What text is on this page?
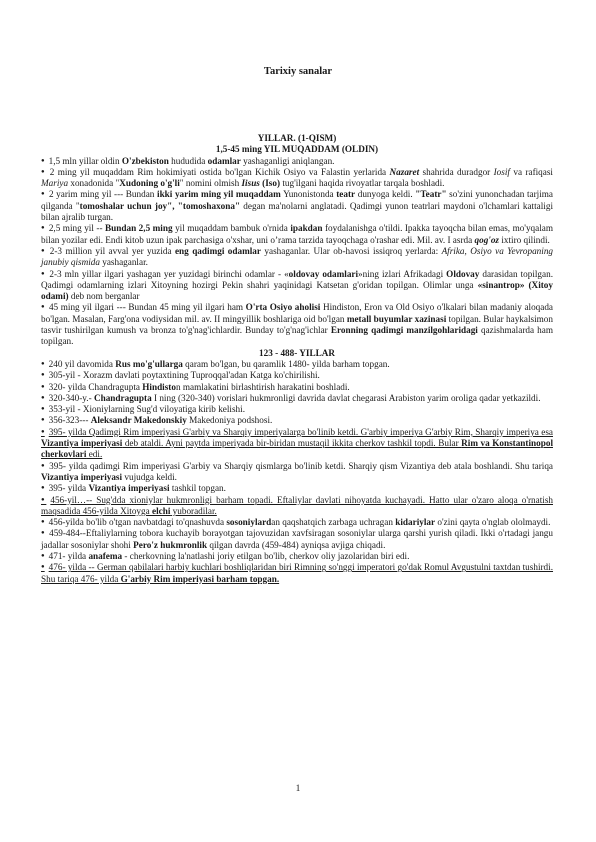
Tarixiy sanalar

YILLAR. (1-QISM)

1,5-45 ming YIL MUQADDAM (OLDIN)

● 1,5 mln yillar oldin O'zbekiston hududida odamlar yashaganligi aniqlangan.

● 2 ming yil muqaddam Rim hokimiyati ostida bo'lgan Kichik Osiyo va Falastin yerlarida Nazaret shahrida duradgor Iosif va rafiqasi Mariya xonadonida "Xudoning o'g'li" nomini olmish Iisus (Iso) tug'ilgani haqida rivoyatlar tarqala boshladi.

● 2 yarim ming yil --- Bundan ikki yarim ming yil muqaddam Yunonistonda teatr dunyoga keldi. "Teatr" so'zini yunonchadan tarjima qilganda "tomoshalar uchun joy", "tomoshaxona" degan ma'nolarni anglatadi. Qadimgi yunon teatrlari maydoni o'lchamlari kattaligi bilan ajralib turgan.

● 2,5 ming yil -- Bundan 2,5 ming yil muqaddam bambuk o'rnida ipakdan foydalanishga o'tildi. Ipakka tayoqcha bilan emas, mo'yqalam bilan yozilar edi. Endi kitob uzun ipak parchasiga o'xshar, uni o’rama tarzida tayoqchaga o'rashar edi. Mil. av. I asrda qog'oz ixtiro qilindi.

● 2-3 million yil avval yer yuzida eng qadimgi odamlar yashaganlar. Ular ob-havosi issiqroq yerlarda: Afrika, Osiyo va Yevropaning janubiy qismida yashaganlar.

● 2-3 mln yillar ilgari yashagan yer yuzidagi birinchi odamlar - «oldovay odamlari»ning izlari Afrikadagi Oldovay darasidan topilgan. Qadimgi odamlarning izlari Xitoyning hozirgi Pekin shahri yaqinidagi Katsetan g'oridan topilgan. Olimlar unga «sinantrop» (Xitoy odami) deb nom berganlar

● 45 ming yil ilgari --- Bundan 45 ming yil ilgari ham O'rta Osiyo aholisi Hindiston, Eron va Old Osiyo o'lkalari bilan madaniy aloqada bo'lgan. Masalan, Farg'ona vodiysidan mil. av. II mingyillik boshlariga oid bo'lgan metall buyumlar xazinasi topilgan. Bular haykalsimon tasvir tushirilgan kumush va bronza to'g'nag'ichlardir. Bunday to'g'nag'ichlar Eronning qadimgi manzilgohlaridagi qazishmalarda ham topilgan.

123 - 488- YILLAR

● 240 yil davomida Rus mo'g'ullarga qaram bo'lgan, bu qaramlik 1480- yilda barham topgan.

● 305-yil - Xorazm davlati poytaxtining Tuproqqal'adan Katga ko'chirilishi.

● 320- yilda Chandragupta Hindiston mamlakatini birlashtirish harakatini boshladi.

● 320-340-y.- Chandragupta I ning (320-340) vorislari hukmronligi davrida davlat chegarasi Arabiston yarim oroliga qadar yetkazildi.

● 353-yil - Xioniylarning Sug'd viloyatiga kirib kelishi.

● 356-323--- Aleksandr Makedonskiy Makedoniya podshosi.

● 395- yilda Qadimgi Rim imperiyasi G'arbiy va Sharqiy imperiyalarga bo'linib ketdi. G'arbiy imperiya G'arbiy Rim, Sharqiy imperiya esa Vizantiya imperiyasi deb ataldi. Ayni paytda imperiyada bir-biridan mustaqil ikkita cherkov tashkil topdi. Bular Rim va Konstantinopol cherkovlari edi.

● 395- yilda qadimgi Rim imperiyasi G'arbiy va Sharqiy qismlarga bo'linib ketdi. Sharqiy qism Vizantiya deb atala boshlandi. Shu tariqa Vizantiya imperiyasi vujudga keldi.

● 395- yilda Vizantiya imperiyasi tashkil topgan.

● 456-yil…-- Sug'dda xioniylar hukmronligi barham topadi. Eftaliylar davlati nihoyatda kuchayadi. Hatto ular o'zaro aloqa o'rnatish maqsadida 456-yilda Xitoyga elchi yuboradilar.

● 456-yilda bo'lib o'tgan navbatdagi to'qnashuvda sosoniylardan qaqshatqich zarbaga uchragan kidariylar o'zini qayta o'nglab ololmaydi.

● 459-484--Eftaliylarning tobora kuchayib borayotgan tajovuzidan xavfsiragan sosoniylar ularga qarshi yurish qiladi. Ikki o'rtadagi jangu jadallar sosoniylar shohi Pero'z hukmronlik qilgan davrda (459-484) ayniqsa avjiga chiqadi.

● 471- yilda anafema - cherkovning la'natlashi joriy etilgan bo'lib, cherkov oliy jazolaridan biri edi.

● 476- yilda -- German qabilalari harbiy kuchlari boshliqlaridan biri Rimning so'nggi imperatori go'dak Romul Avgustulni taxtdan tushirdi. Shu tariqa 476- yilda G'arbiy Rim imperiyasi barham topgan.

1
